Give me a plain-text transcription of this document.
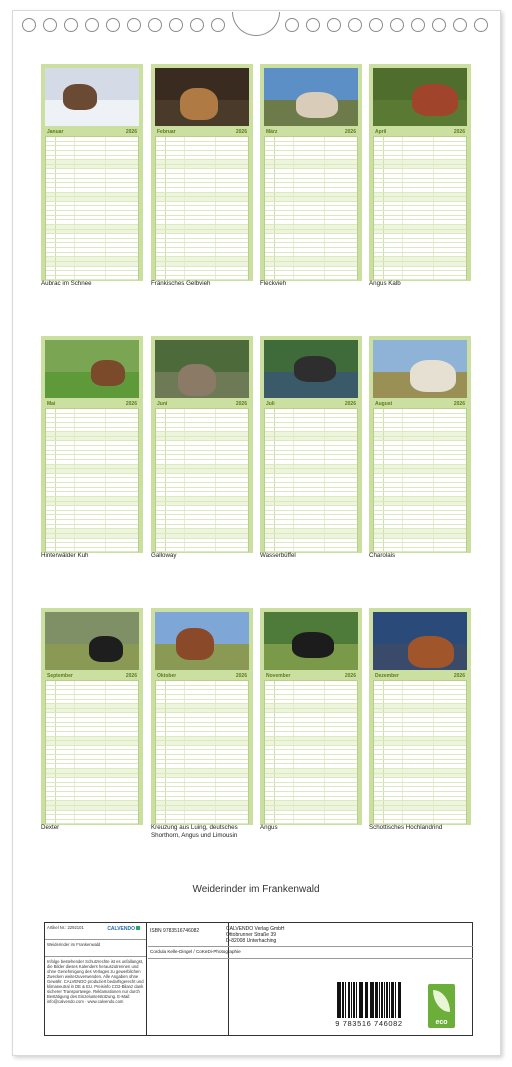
Januar	2026
Aubrac im Schnee
Februar	2026
Fränkisches Gelbvieh
März	2026
Fleckvieh
April	2026
Angus Kalb
Mai	2026
Hinterwälder Kuh
Juni	2026
Galloway
Juli	2026
Wasserbüffel
August	2026
Charolais
September	2026
Dexter
Oktober	2026
Kreuzung aus Luing, deutsches Shorthorn, Angus und Limousin
November	2026
Angus
Dezember	2026
Schottisches Hochlandrind
Weiderinder im Frankenwald
Artikel Nr.: 2292101	CALVENDO
Weiderinder im Frankenwald
Infolge bestehender Schutzrechte ist es unfallangst, die Bilder dieses Kalenders herauszutrennen und ohne Genehmigung des Verlages zu gewerblichen Zwecken weiterzuverwenden. Alle Angaben ohne Gewähr. CALVENDO produziert bedarfsgerecht und klimaneutral in DE & EU. Preisinfo CO2-Bilanz dank sicherer Transportwege. Reklamationen nur durch Bestätigung des Einzelunterstützung. E-Mail: info@calvendo.com · www.calvendo.com
ISBN 9783516746082	CALVENDO Verlag GmbH
Ottobrunner Straße 39
D-82008 Unterhaching
Cordula Kelle-Dingel / CoKeDi-Photographie
9 783516 746082	eco
